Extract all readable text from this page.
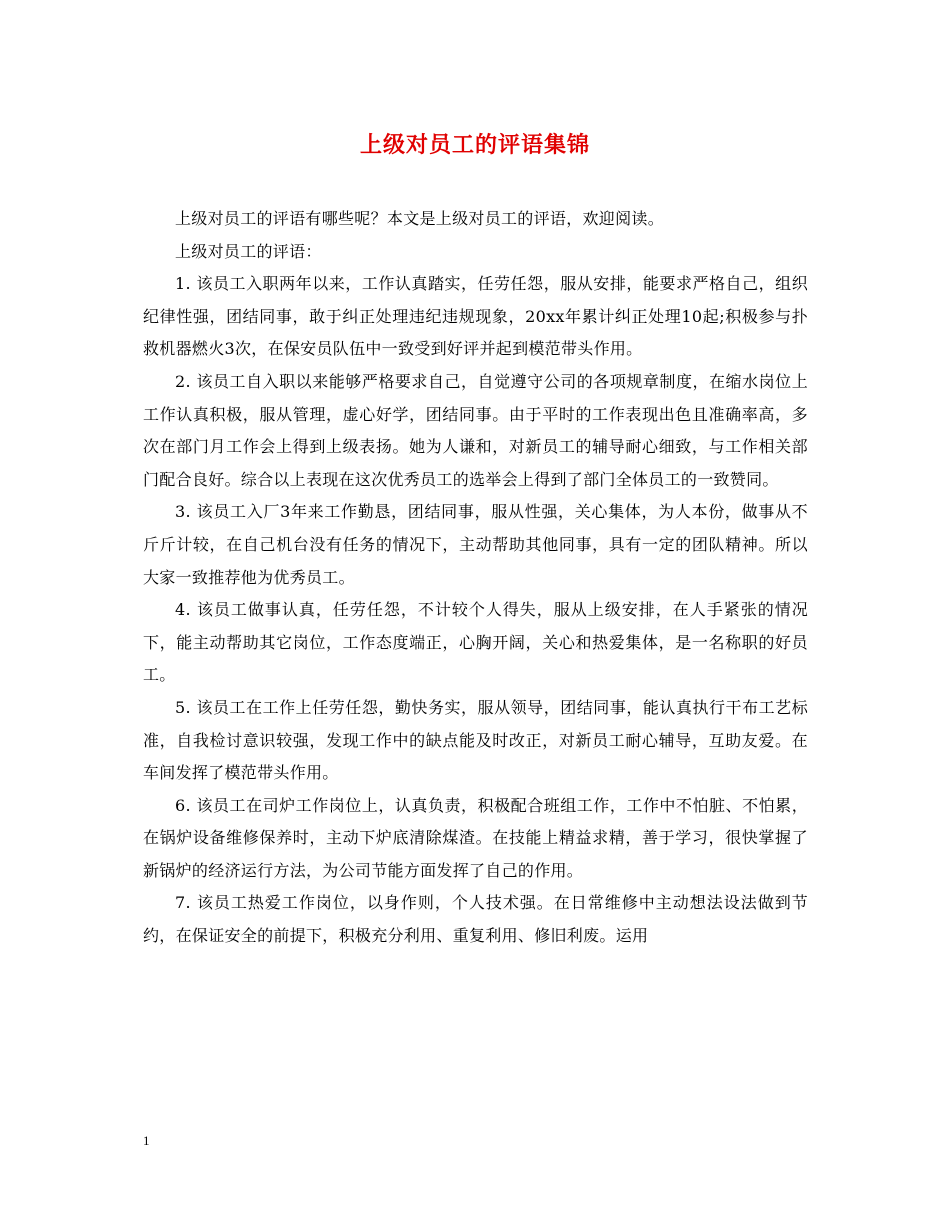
上级对员工的评语集锦

上级对员工的评语有哪些呢？本文是上级对员工的评语，欢迎阅读。

上级对员工的评语：

1. 该员工入职两年以来，工作认真踏实，任劳任怨，服从安排，能要求严格自己，组织纪律性强，团结同事，敢于纠正处理违纪违规现象，20xx年累计纠正处理10起;积极参与扑救机器燃火3次，在保安员队伍中一致受到好评并起到模范带头作用。

2. 该员工自入职以来能够严格要求自己，自觉遵守公司的各项规章制度，在缩水岗位上工作认真积极，服从管理，虚心好学，团结同事。由于平时的工作表现出色且准确率高，多次在部门月工作会上得到上级表扬。她为人谦和，对新员工的辅导耐心细致，与工作相关部门配合良好。综合以上表现在这次优秀员工的选举会上得到了部门全体员工的一致赞同。

3. 该员工入厂3年来工作勤恳，团结同事，服从性强，关心集体，为人本份，做事从不斤斤计较，在自己机台没有任务的情况下，主动帮助其他同事，具有一定的团队精神。所以大家一致推荐他为优秀员工。

4. 该员工做事认真，任劳任怨，不计较个人得失，服从上级安排，在人手紧张的情况下，能主动帮助其它岗位，工作态度端正，心胸开阔，关心和热爱集体，是一名称职的好员工。

5. 该员工在工作上任劳任怨，勤快务实，服从领导，团结同事，能认真执行干布工艺标准，自我检讨意识较强，发现工作中的缺点能及时改正，对新员工耐心辅导，互助友爱。在车间发挥了模范带头作用。

6. 该员工在司炉工作岗位上，认真负责，积极配合班组工作，工作中不怕脏、不怕累，在锅炉设备维修保养时，主动下炉底清除煤渣。在技能上精益求精，善于学习，很快掌握了新锅炉的经济运行方法，为公司节能方面发挥了自己的作用。

7. 该员工热爱工作岗位，以身作则，个人技术强。在日常维修中主动想法设法做到节约，在保证安全的前提下，积极充分利用、重复利用、修旧利废。运用

1
